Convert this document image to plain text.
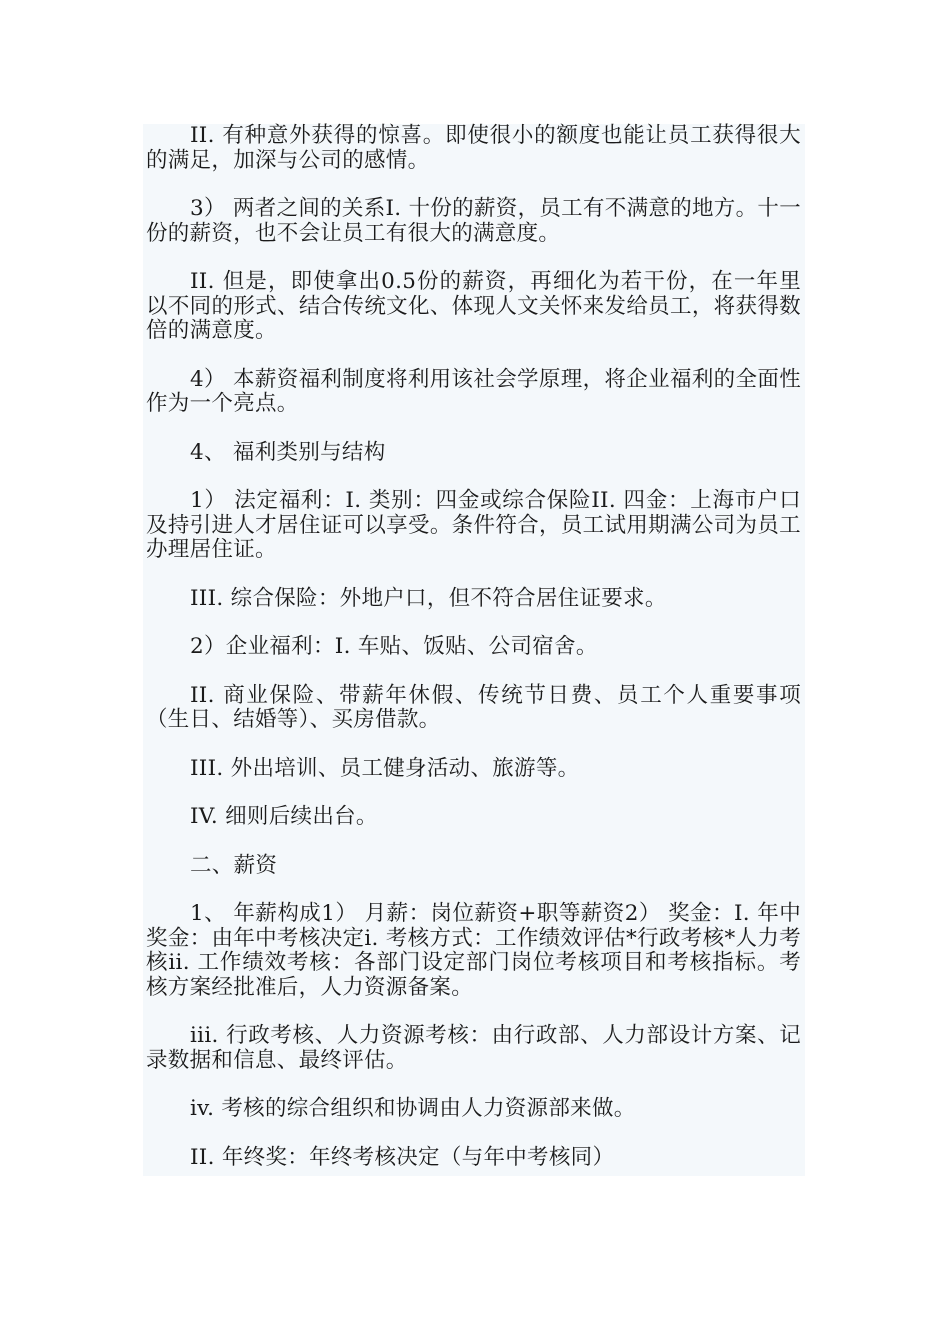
II. 有种意外获得的惊喜。即使很小的额度也能让员工获得很大的满足，加深与公司的感情。

3） 两者之间的关系I. 十份的薪资，员工有不满意的地方。十一份的薪资，也不会让员工有很大的满意度。

II. 但是，即使拿出0.5份的薪资，再细化为若干份，在一年里以不同的形式、结合传统文化、体现人文关怀来发给员工，将获得数倍的满意度。

4） 本薪资福利制度将利用该社会学原理，将企业福利的全面性作为一个亮点。

4、 福利类别与结构

1） 法定福利：I. 类别：四金或综合保险II. 四金：上海市户口及持引进人才居住证可以享受。条件符合，员工试用期满公司为员工办理居住证。

III. 综合保险：外地户口，但不符合居住证要求。

2）企业福利：I. 车贴、饭贴、公司宿舍。

II. 商业保险、带薪年休假、传统节日费、员工个人重要事项（生日、结婚等）、买房借款。

III. 外出培训、员工健身活动、旅游等。

IV. 细则后续出台。

二、薪资

1、 年薪构成1） 月薪：岗位薪资+职等薪资2） 奖金：I. 年中奖金：由年中考核决定i. 考核方式：工作绩效评估*行政考核*人力考核ii. 工作绩效考核：各部门设定部门岗位考核项目和考核指标。考核方案经批准后，人力资源备案。

iii. 行政考核、人力资源考核：由行政部、人力部设计方案、记录数据和信息、最终评估。

iv. 考核的综合组织和协调由人力资源部来做。

II. 年终奖：年终考核决定（与年中考核同）
